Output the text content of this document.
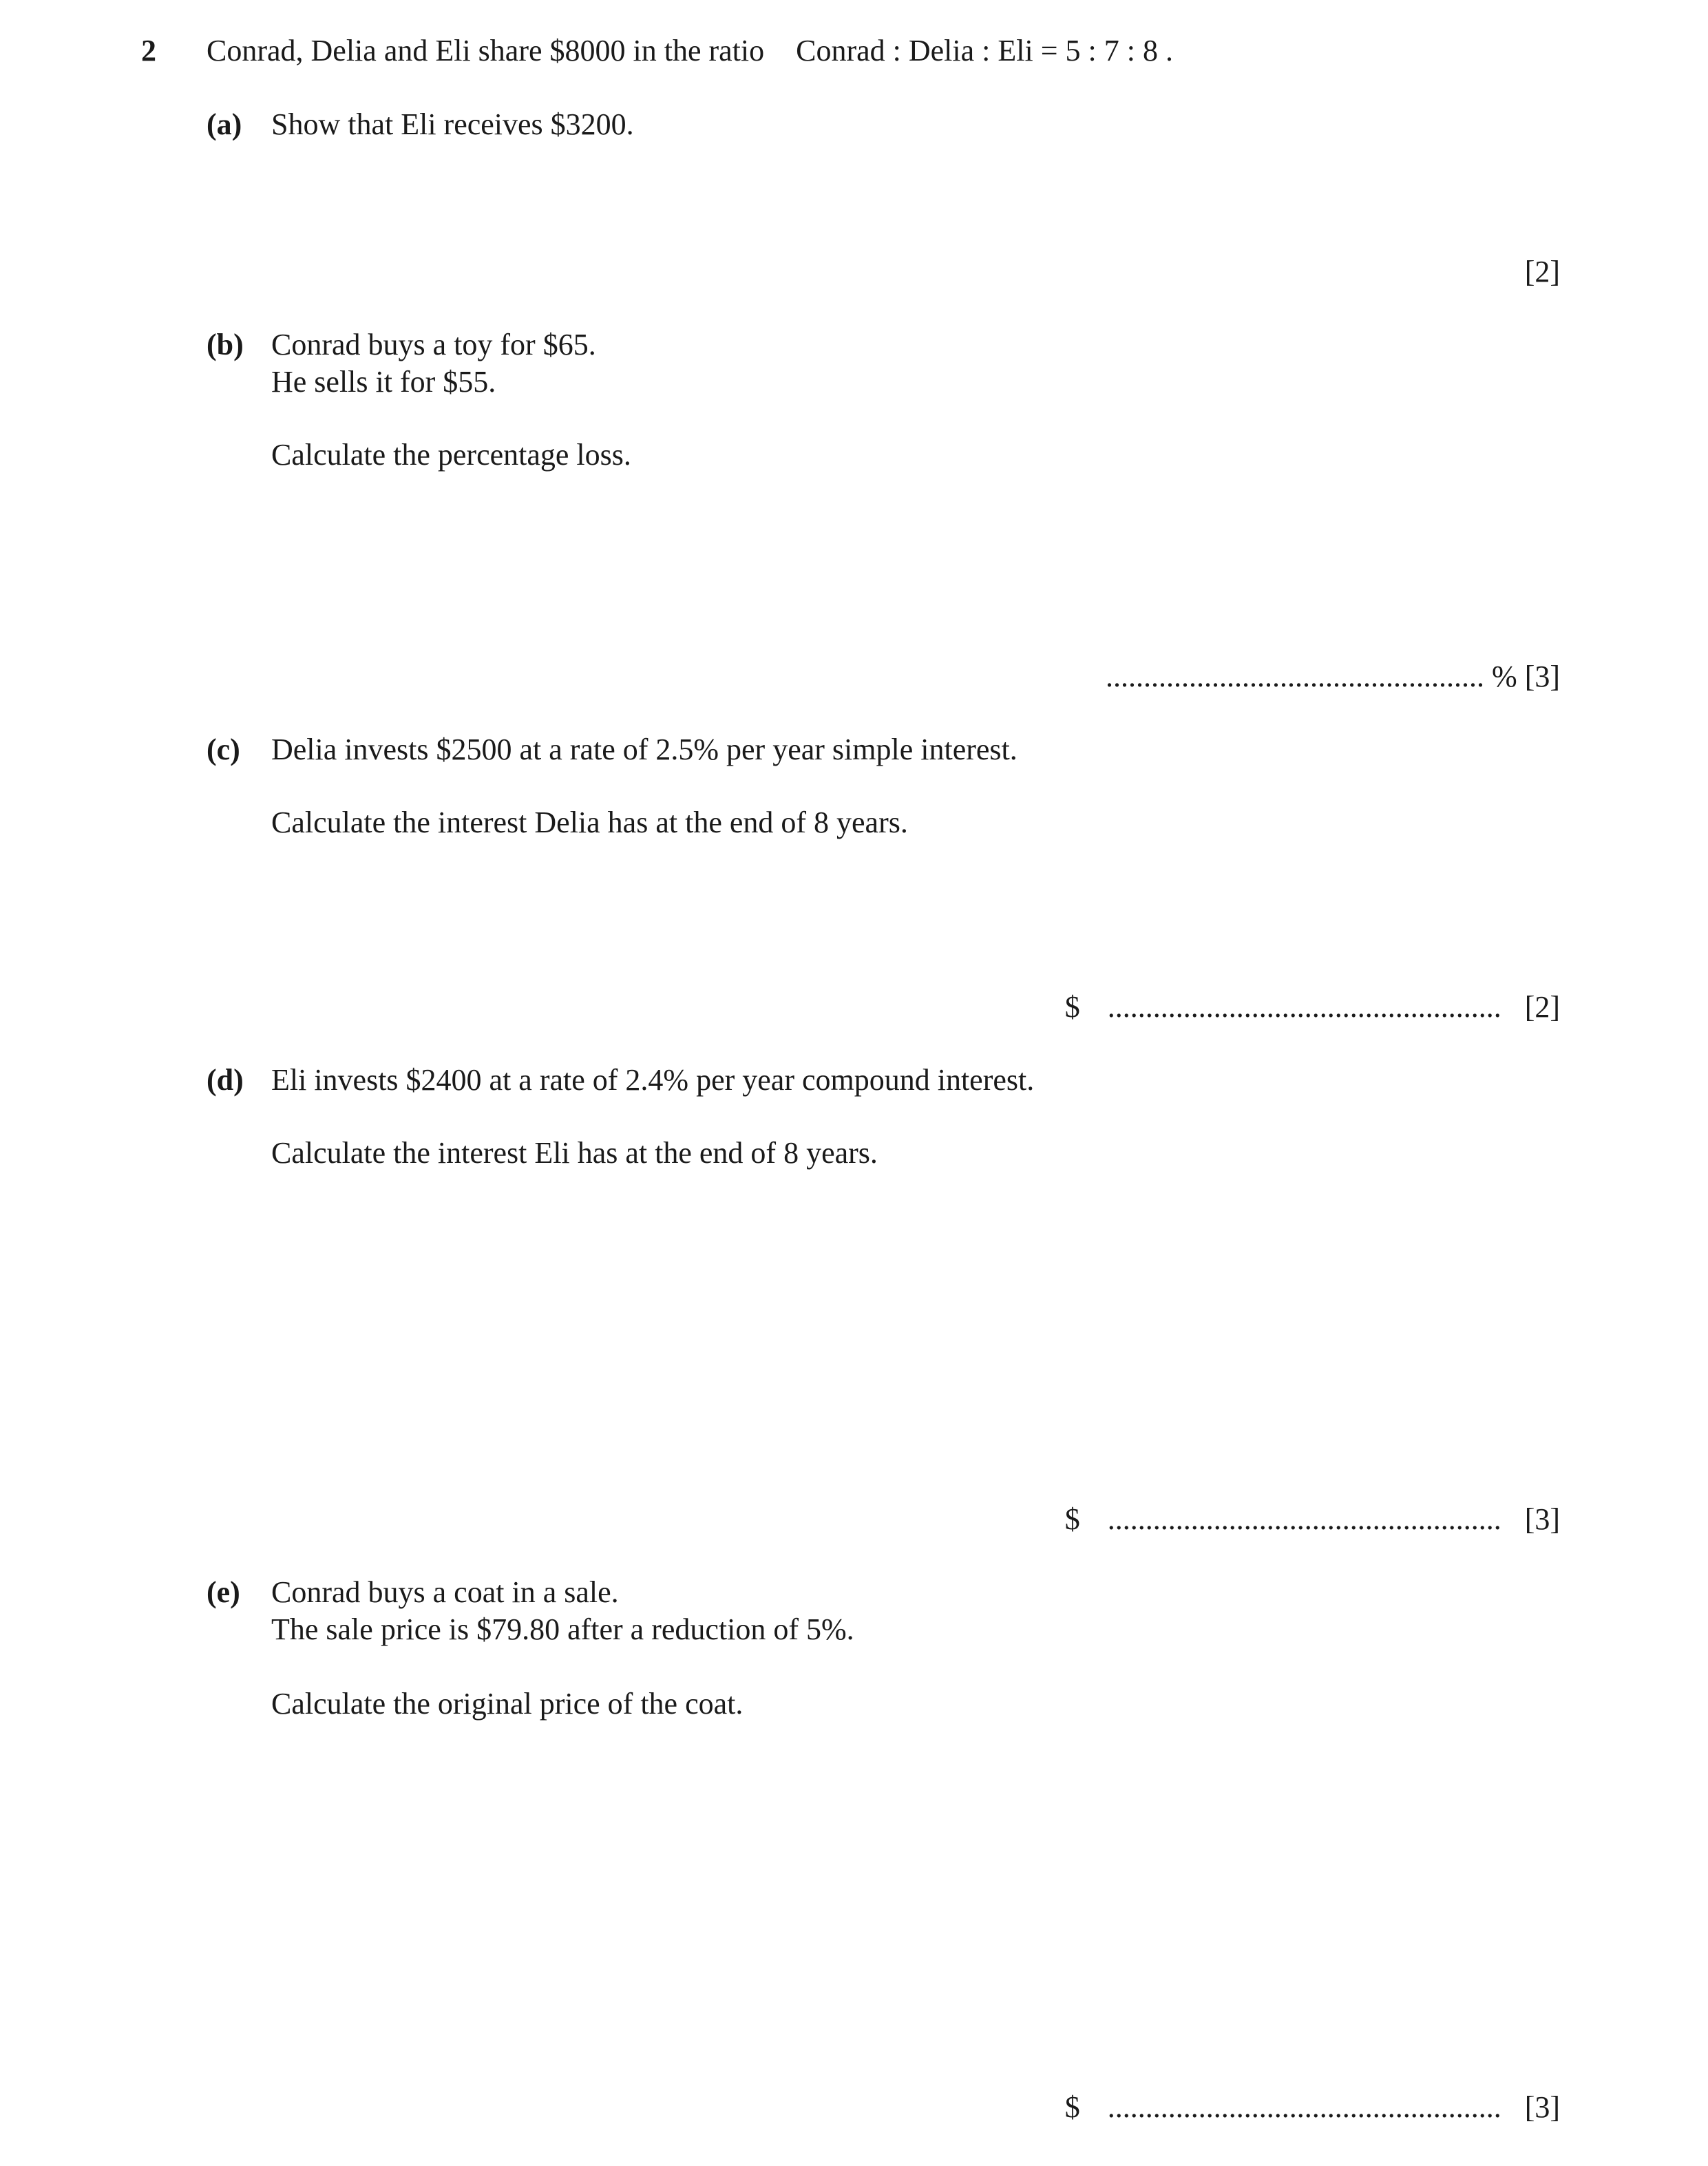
2 Conrad, Delia and Eli share $8000 in the ratio Conrad : Delia : Eli = 5 : 7 : 8 .
(a) Show that Eli receives $3200.
[2]
(b) Conrad buys a toy for $65.
He sells it for $55.
Calculate the percentage loss.
.................................................. % [3]
(c) Delia invests $2500 at a rate of 2.5% per year simple interest.
Calculate the interest Delia has at the end of 8 years.
$ .................................................... [2]
(d) Eli invests $2400 at a rate of 2.4% per year compound interest.
Calculate the interest Eli has at the end of 8 years.
$ .................................................... [3]
(e) Conrad buys a coat in a sale.
The sale price is $79.80 after a reduction of 5%.
Calculate the original price of the coat.
$ .................................................... [3]
